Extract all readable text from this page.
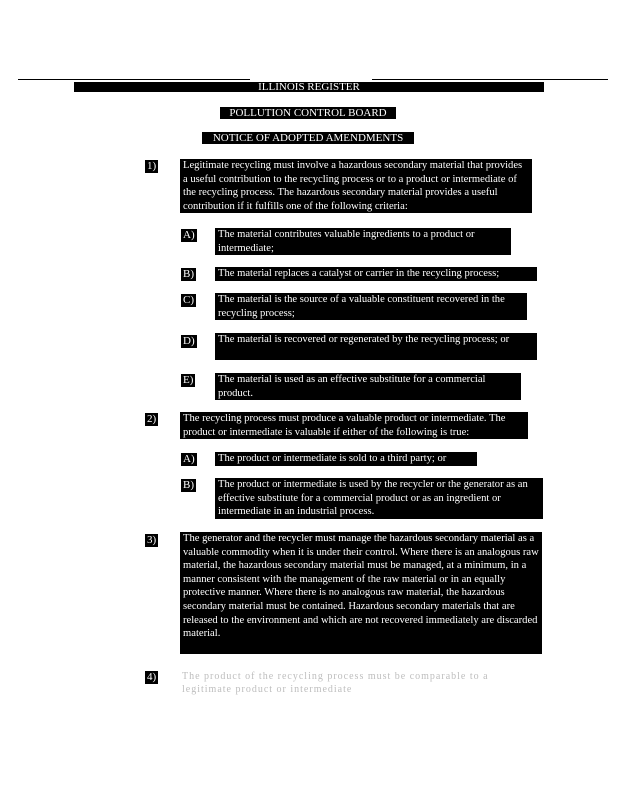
ILLINOIS REGISTER
POLLUTION CONTROL BOARD
NOTICE OF ADOPTED AMENDMENTS
1)	Legitimate recycling must involve a hazardous secondary material that provides a useful contribution to the recycling process or to a product or intermediate of the recycling process. The hazardous secondary material provides a useful contribution if it fulfills one of the following criteria:
A) The material contributes valuable ingredients to a product or intermediate;
B) The material replaces a catalyst or carrier in the recycling process;
C) The material is the source of a valuable constituent recovered in the recycling process;
D) The material is recovered or regenerated by the recycling process; or
E) The material is used as an effective substitute for a commercial product.
2)	The recycling process must produce a valuable product or intermediate. The product or intermediate is valuable if either of the following is true:
A) The product or intermediate is sold to a third party; or
B) The product or intermediate is used by the recycler or the generator as an effective substitute for a commercial product or as an ingredient or intermediate in an industrial process.
3)	The generator and the recycler must manage the hazardous secondary material as a valuable commodity when it is under their control. Where there is an analogous raw material, the hazardous secondary material must be managed, at a minimum, in a manner consistent with the management of the raw material or in an equally protective manner. Where there is no analogous raw material, the hazardous secondary material must be contained. Hazardous secondary materials that are released to the environment and which are not recovered immediately are discarded material.
4)	The product of the recycling process must be comparable to a legitimate product or intermediate
